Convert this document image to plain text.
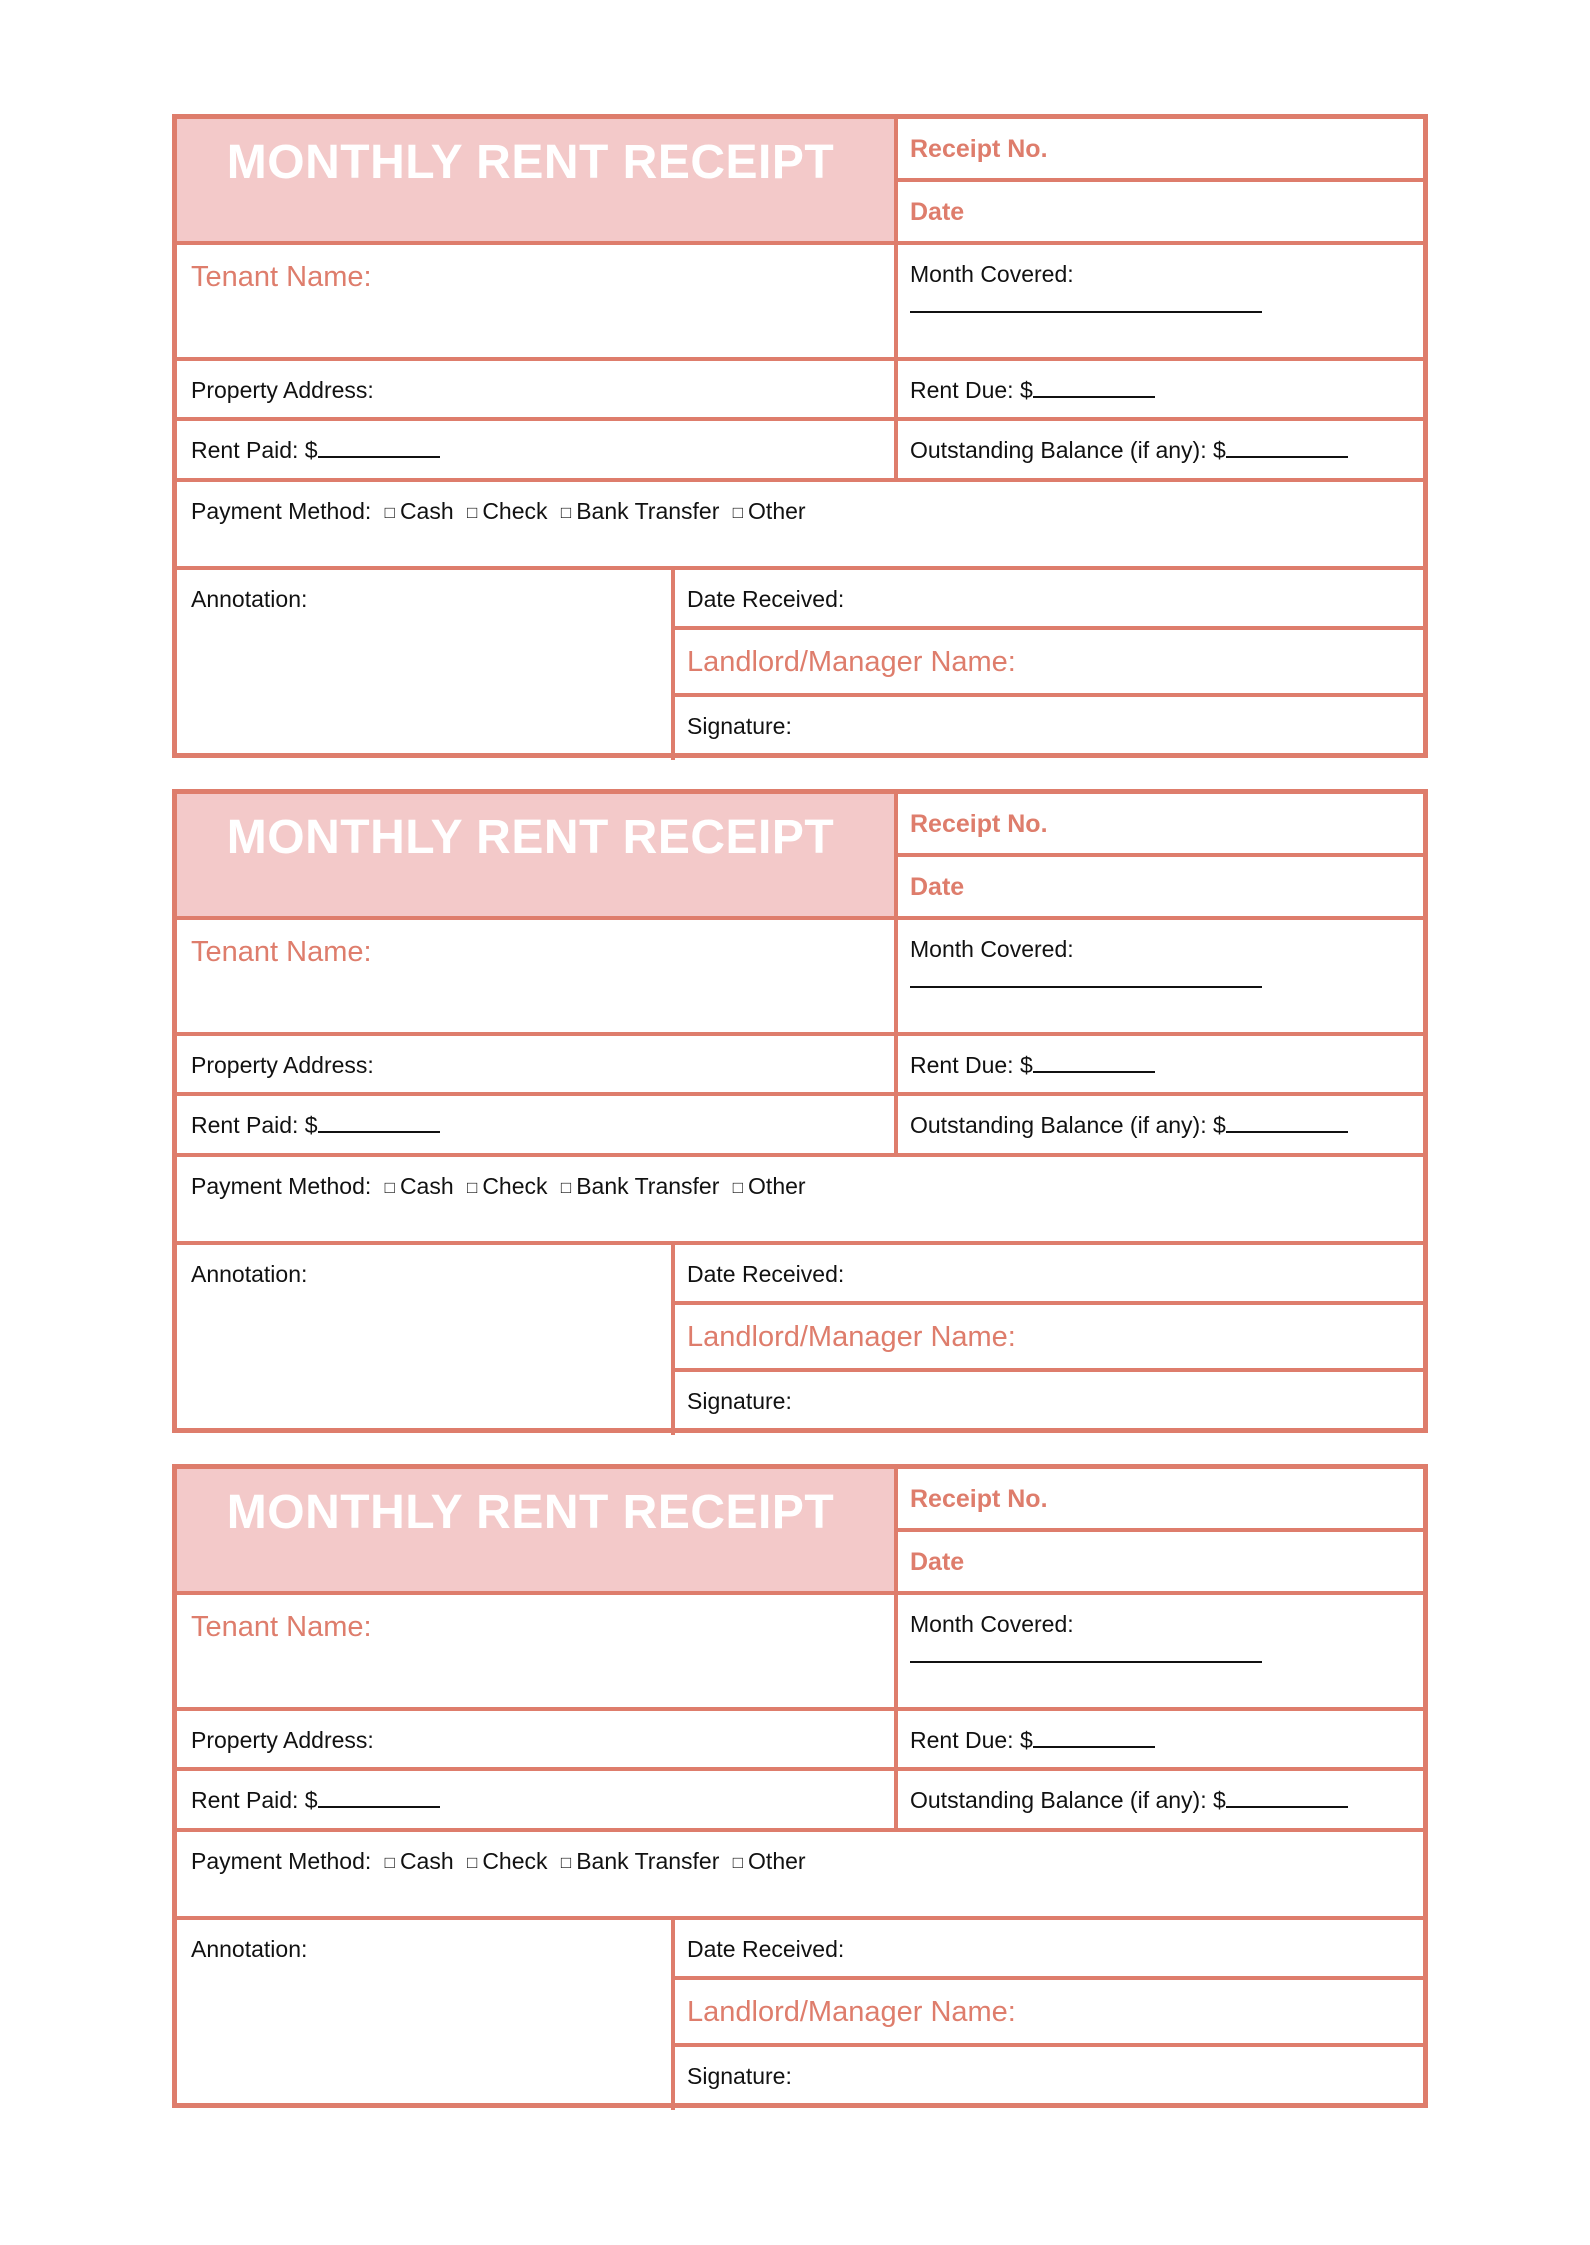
MONTHLY RENT RECEIPT	Receipt No.
Date
Tenant Name:	Month Covered:
Property Address:	Rent Due: $
Rent Paid: $	Outstanding Balance (if any): $
Payment Method: □ Cash □ Check □ Bank Transfer □ Other
Annotation:	Date Received:
Landlord/Manager Name:
Signature:
MONTHLY RENT RECEIPT	Receipt No.
Date
Tenant Name:	Month Covered:
Property Address:	Rent Due: $
Rent Paid: $	Outstanding Balance (if any): $
Payment Method: □ Cash □ Check □ Bank Transfer □ Other
Annotation:	Date Received:
Landlord/Manager Name:
Signature:
MONTHLY RENT RECEIPT	Receipt No.
Date
Tenant Name:	Month Covered:
Property Address:	Rent Due: $
Rent Paid: $	Outstanding Balance (if any): $
Payment Method: □ Cash □ Check □ Bank Transfer □ Other
Annotation:	Date Received:
Landlord/Manager Name:
Signature:
